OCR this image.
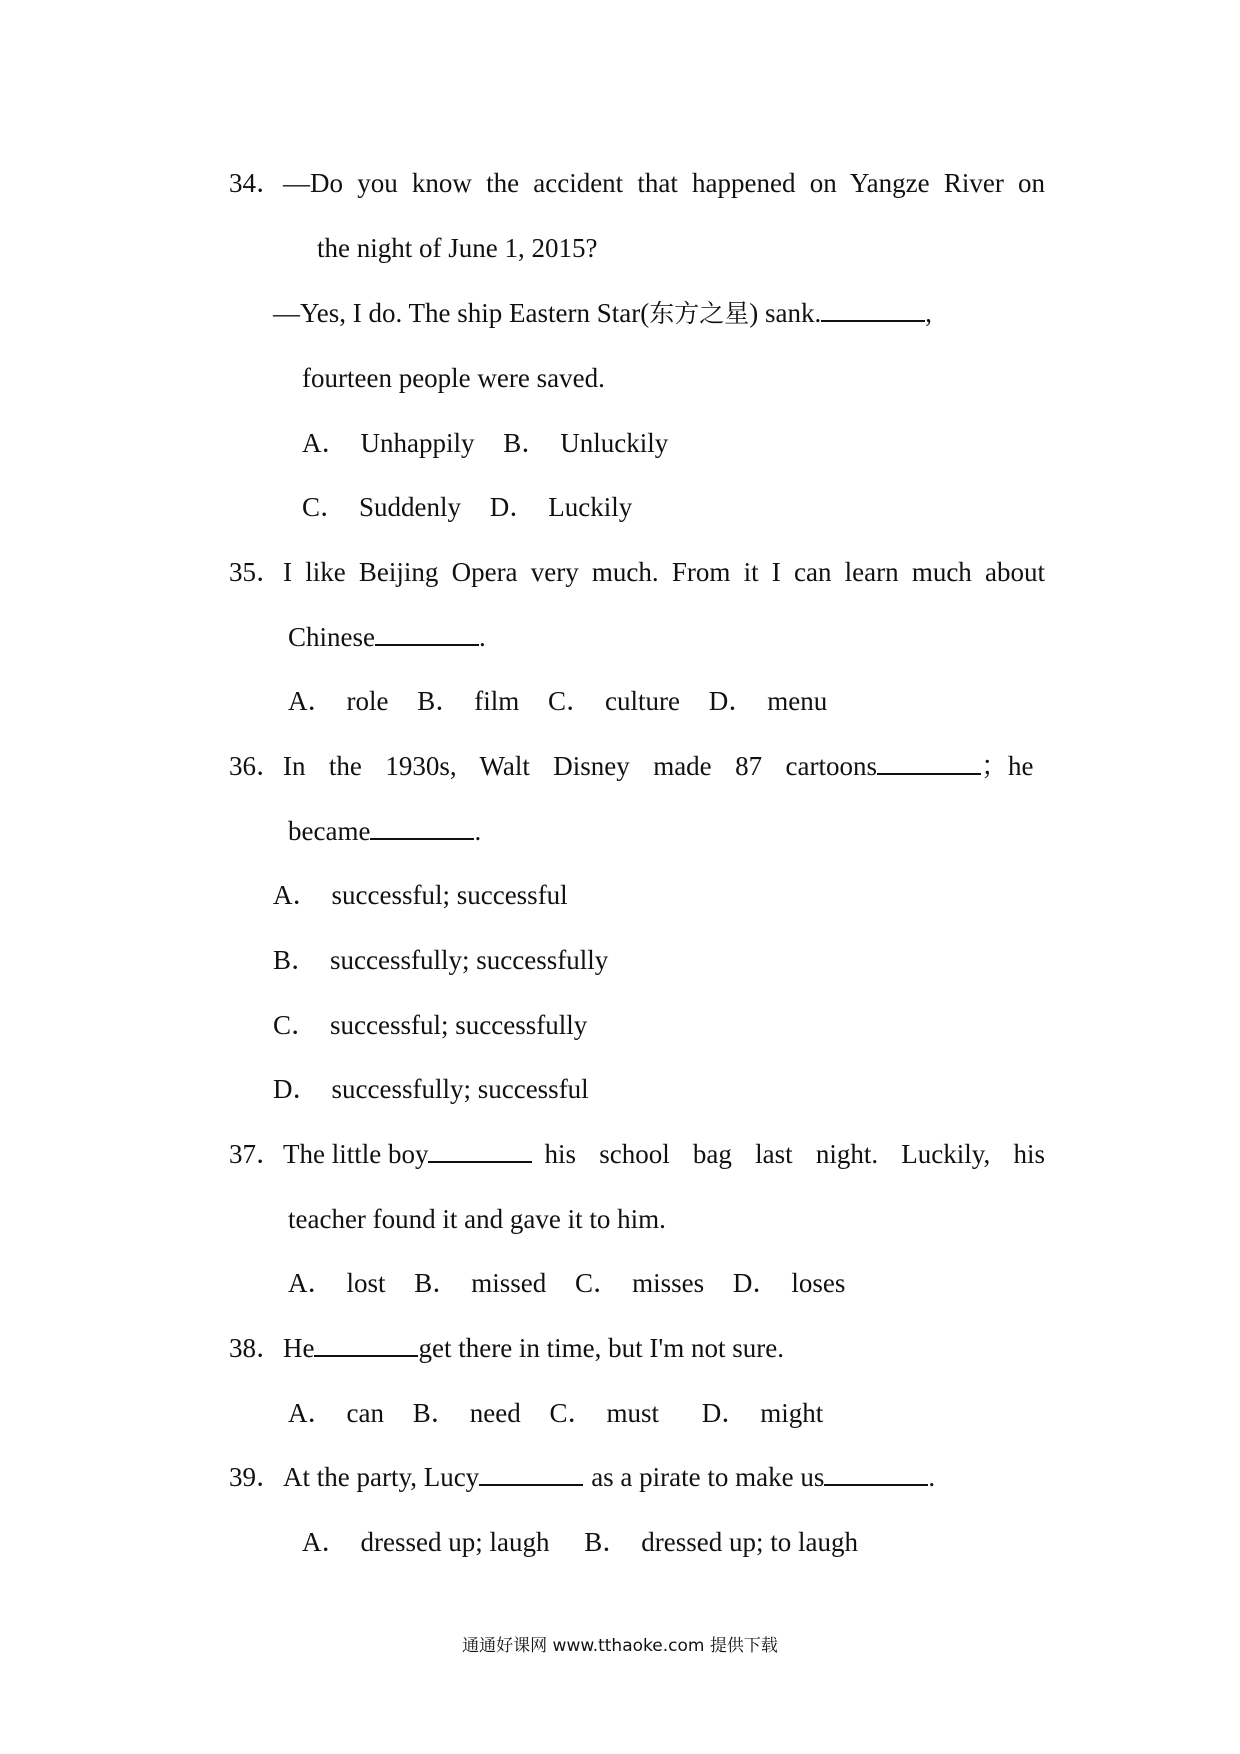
34． —Do you know the accident that happened on Yangze River on
the night of June 1, 2015?
—Yes, I do. The ship Eastern Star(东方之星) sank.	,
fourteen people were saved.
A． Unhappily B． Unluckily
C． Suddenly D． Luckily
35． I like Beijing Opera very much. From it I can learn much about
Chinese	.
A． role B． film C． culture D． menu
36． In the 1930s, Walt Disney made 87 cartoons	；he
became	.
A． successful; successful
B． successfully; successfully
C． successful; successfully
D． successfully; successful
37． The little boy	his school bag last night. Luckily, his
teacher found it and gave it to him.
A． lost B． missed C． misses D． loses
38．He	get there in time, but I'm not sure.
A． can B． need C． must D． might
39．At the party, Lucy	as a pirate to make us	.
A． dressed up; laugh B． dressed up; to laugh
通通好课网 www.tthaoke.com 提供下载
